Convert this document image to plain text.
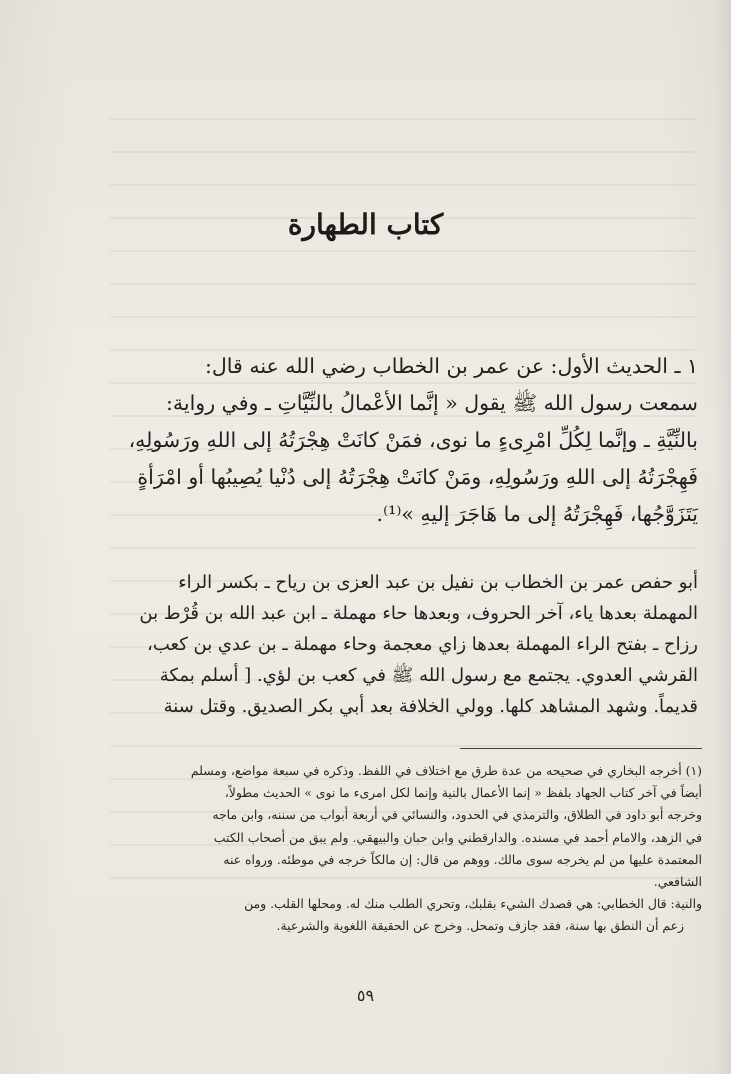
كتاب الطهارة
١ ـ الحديث الأول: عن عمر بن الخطاب رضي الله عنه قال:
سمعت رسول الله ﷺ يقول « إنَّما الأعْمالُ بالنِّيَّاتِ ـ وفي رواية:
بالنِّيَّةِ ـ وإنَّما لِكُلِّ امْرِىءٍ ما نوى، فمَنْ كانَتْ هِجْرَتُهُ إلى اللهِ ورَسُولِهِ،
فَهِجْرَتُهُ إلى اللهِ ورَسُولِهِ، ومَنْ كانَتْ هِجْرَتُهُ إلى دُنْيا يُصِيبُها أو امْرَأةٍ
يَتَزَوَّجُها، فَهِجْرَتُهُ إلى ما هَاجَرَ إليهِ »⁽¹⁾.
أبو حفص عمر بن الخطاب بن نفيل بن عبد العزى بن رياح ـ بكسر الراء
المهملة بعدها ياء، آخر الحروف، وبعدها حاء مهملة ـ ابن عبد الله بن قُرْط بن
رزاح ـ بفتح الراء المهملة بعدها زاي معجمة وحاء مهملة ـ بن عدي بن كعب،
القرشي العدوي. يجتمع مع رسول الله ﷺ في كعب بن لؤي. [ أسلم بمكة
قديماً. وشهد المشاهد كلها. وولي الخلافة بعد أبي بكر الصديق. وقتل سنة
(١) أخرجه البخاري في صحيحه من عدة طرق مع اختلاف في اللفظ. وذكره في سبعة مواضع، ومسلم
أيضاً في آخر كتاب الجهاد بلفظ « إنما الأعمال بالنية وإنما لكل امرىء ما نوى » الحديث مطولاً،
وخرجه أبو داود في الطلاق، والترمذي في الحدود، والنسائي في أربعة أبواب من سننه، وابن ماجه
في الزهد، والامام أحمد في مسنده. والدارقطني وابن حبان والبيهقي. ولم يبق من أصحاب الكتب
المعتمدة عليها من لم يخرجه سوى مالك. ووهم من قال: إن مالكاً خرجه في موطئه. ورواه عنه
الشافعي.
والنية: قال الخطابي: هي قصدك الشيء بقلبك، وتحري الطلب منك له. ومحلها القلب. ومن
زعم أن النطق بها سنة، فقد جازف وتمحل. وخرج عن الحقيقة اللغوية والشرعية.
٥٩
